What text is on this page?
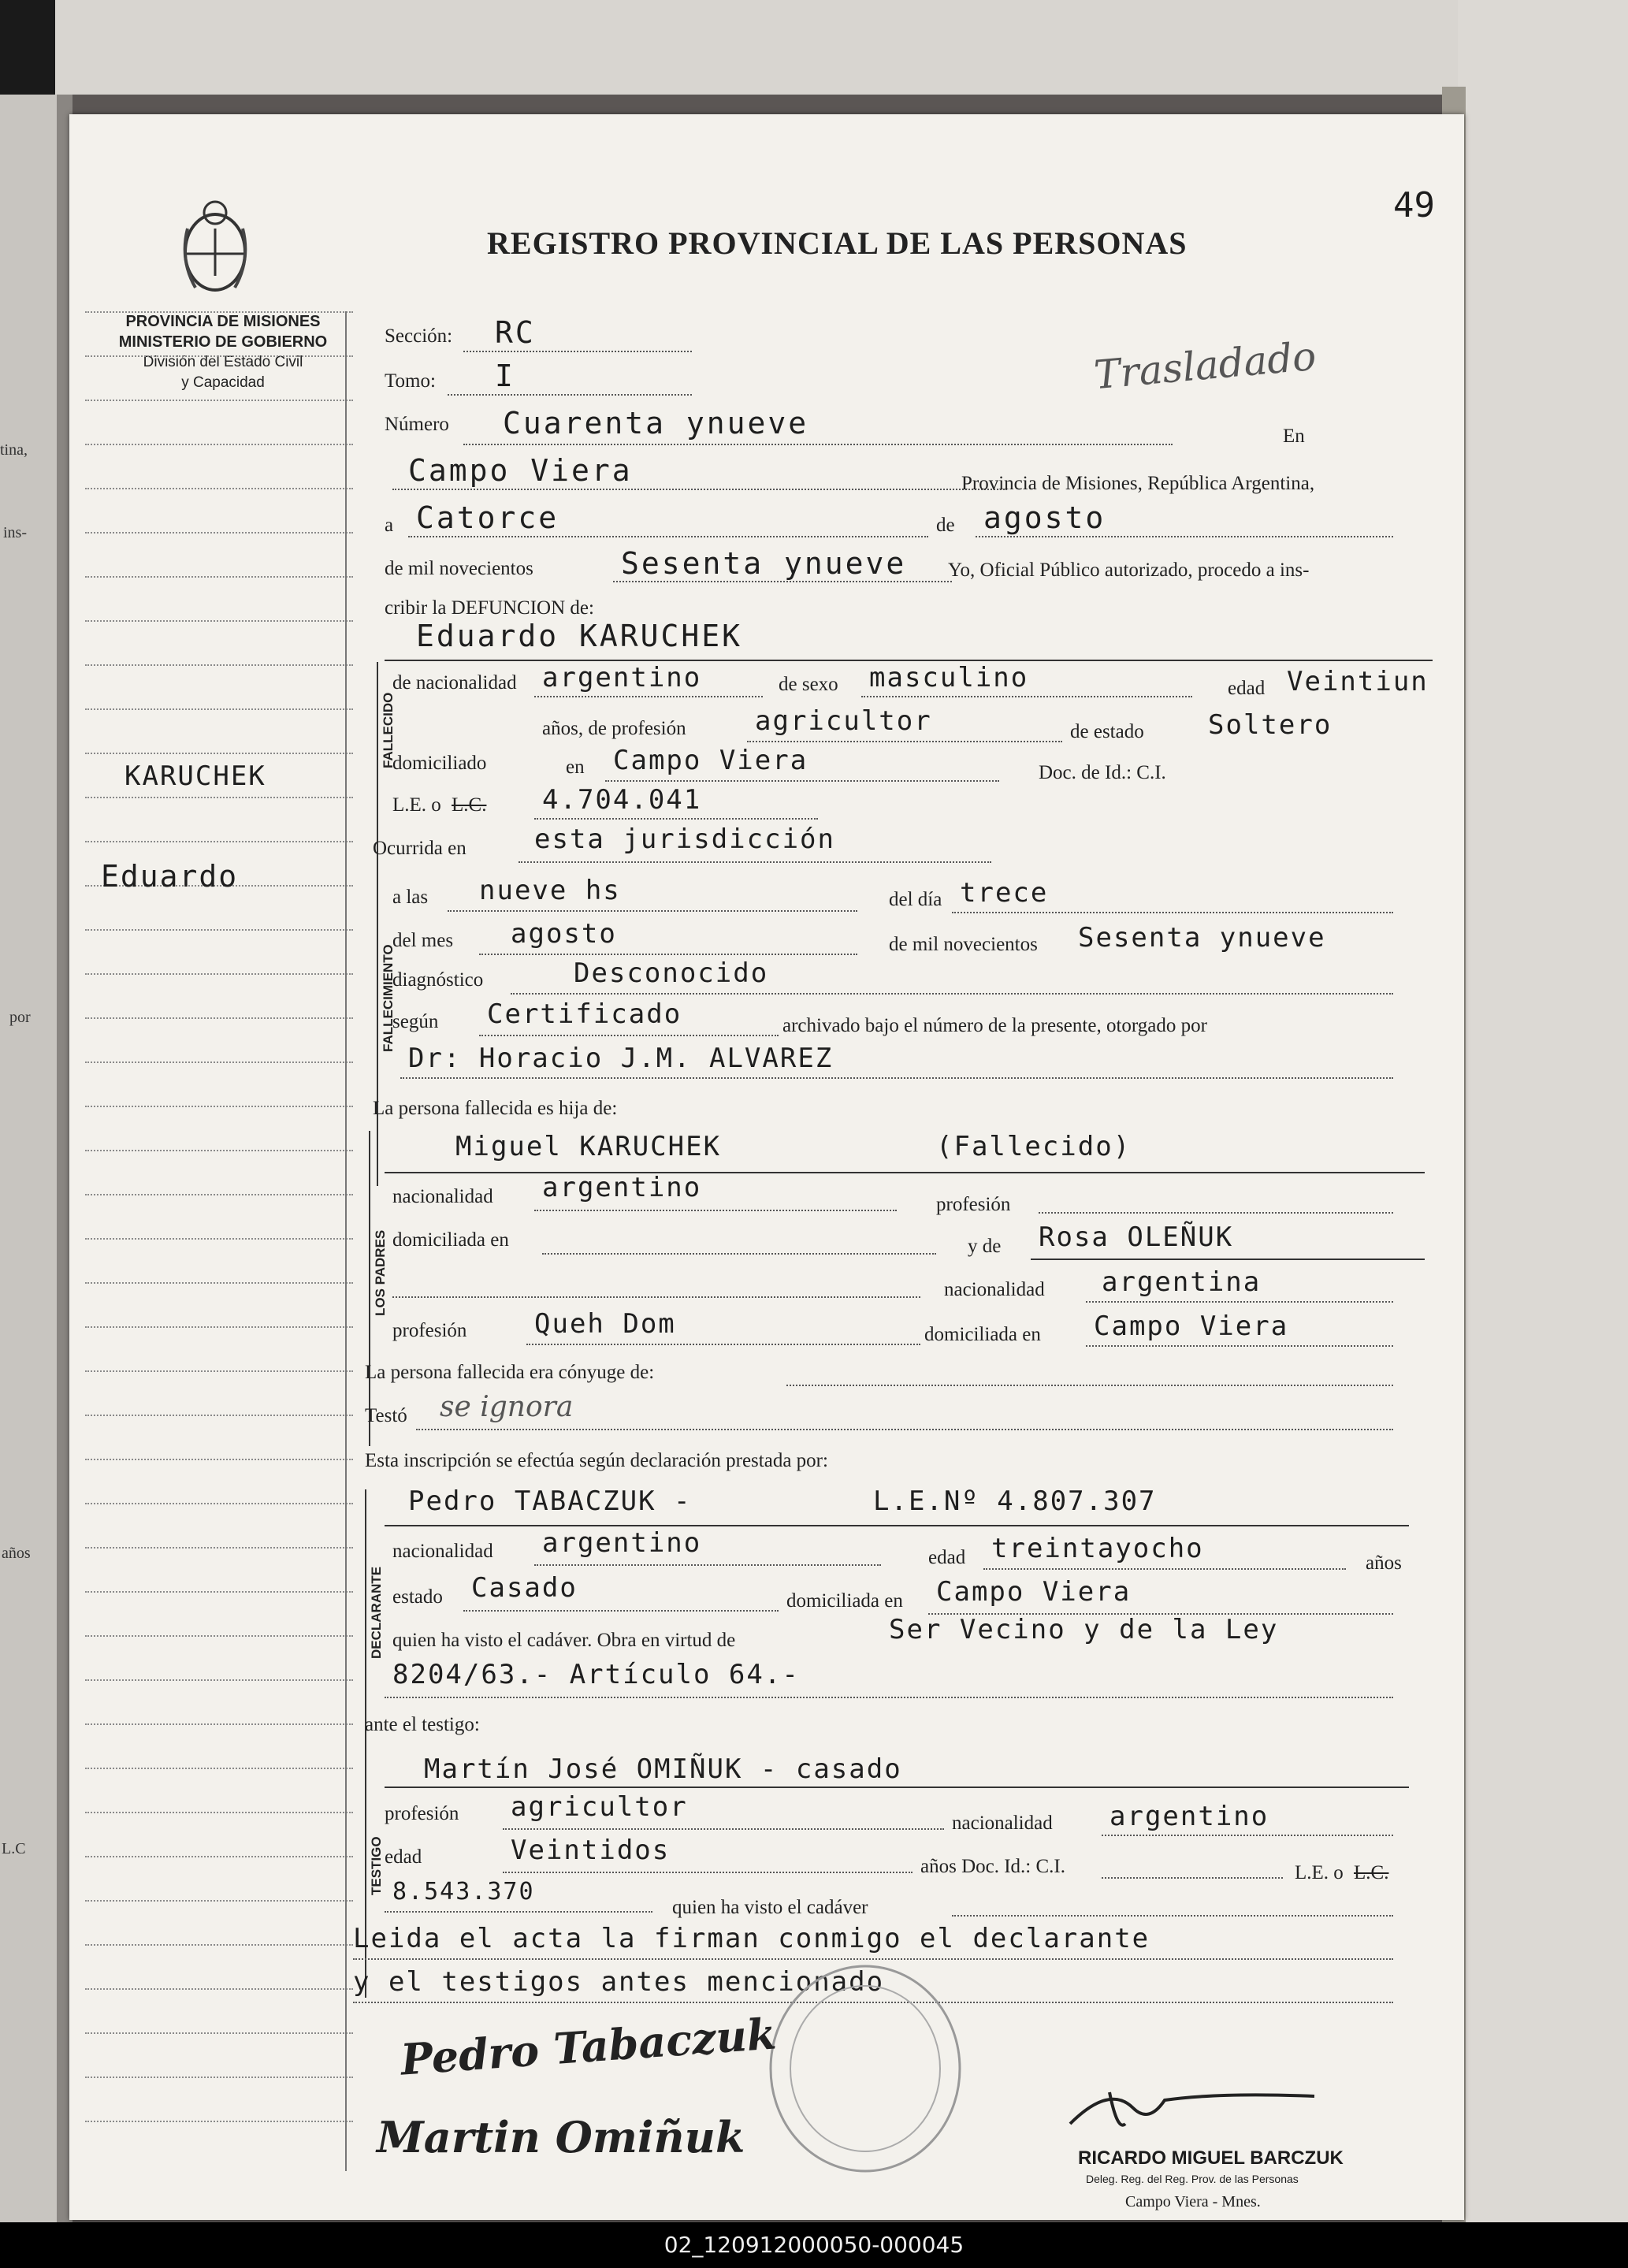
tina,
ins-
por
años
L.C
PROVINCIA DE MISIONES
MINISTERIO DE GOBIERNO
División del Estado Civil
y Capacidad
REGISTRO PROVINCIAL DE LAS PERSONAS
49
Trasladado
KARUCHEK
Eduardo
Sección: RC
Tomo: I
Número Cuarenta ynueve	En
Campo Viera	Provincia de Misiones, República Argentina,
a Catorce	de agosto
de mil novecientos	Sesenta ynueve Yo, Oficial Público autorizado, procedo a ins-
cribir la DEFUNCION de:
FALLECIDO
Eduardo KARUCHEK
de nacionalidad argentino	de sexo masculino	edad Veintiun
años, de profesión	agricultor	de estado Soltero
domiciliado	en Campo Viera	Doc. de Id.: C.I.
L.E. o L.C. 4.704.041
Ocurrida en	esta jurisdicción
FALLECIMIENTO
a las nueve hs	del día trece
del mes agosto	de mil novecientos Sesenta ynueve
diagnóstico	Desconocido
según Certificado	archivado bajo el número de la presente, otorgado por
Dr: Horacio J.M. ALVAREZ
La persona fallecida es hija de:
LOS PADRES
Miguel KARUCHEK	(Fallecido)
nacionalidad argentino
profesión
domiciliada en	y de Rosa OLEÑUK
nacionalidad argentina
profesión	Queh Dom	domiciliada en Campo Viera
La persona fallecida era cónyuge de:
Testó se ignora
Esta inscripción se efectúa según declaración prestada por:
DECLARANTE
Pedro TABACZUK -	L.E.Nº 4.807.307
nacionalidad argentino	edad treintayocho	años
estado Casado	domiciliada en Campo Viera
quien ha visto el cadáver. Obra en virtud de	Ser Vecino y de la Ley
8204/63.- Artículo 64.-
ante el testigo:
TESTIGO
Martín José OMIÑUK - casado
profesión agricultor
nacionalidad argentino
edad	Veintidos
años Doc. Id.: C.I.	L.E. o L.C.
8.543.370
quien ha visto el cadáver
Leida el acta la firman conmigo el declarante
y el testigos antes mencionado
Pedro Tabaczuk
Martin Omiñuk	RICARDO MIGUEL BARCZUK
Deleg. Reg. del Reg. Prov. de las Personas
Campo Viera - Mnes.
02_120912000050-000045
